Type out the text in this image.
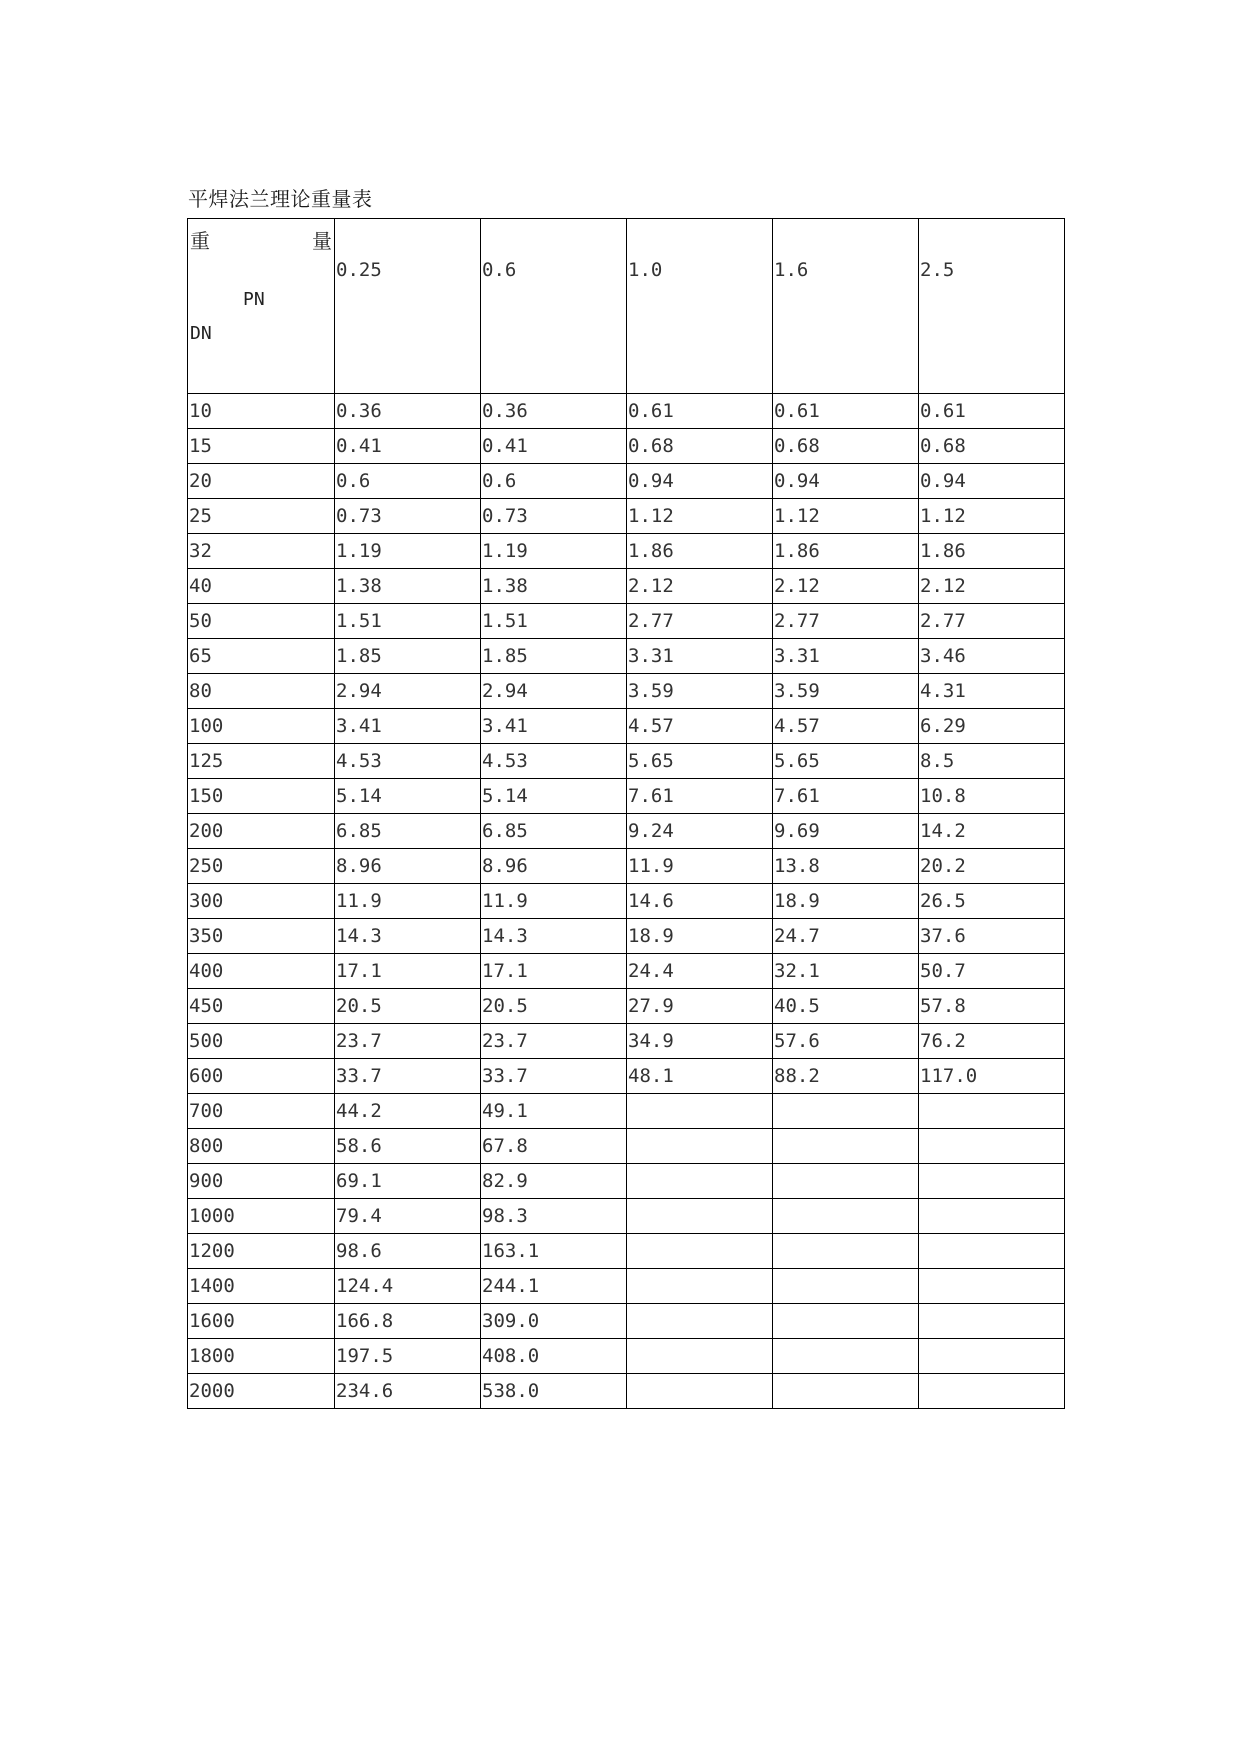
平焊法兰理论重量表
重 量
PN
DN	0.25	0.6	1.0	1.6	2.5
10	0.36	0.36	0.61	0.61	0.61
15	0.41	0.41	0.68	0.68	0.68
20	0.6	0.6	0.94	0.94	0.94
25	0.73	0.73	1.12	1.12	1.12
32	1.19	1.19	1.86	1.86	1.86
40	1.38	1.38	2.12	2.12	2.12
50	1.51	1.51	2.77	2.77	2.77
65	1.85	1.85	3.31	3.31	3.46
80	2.94	2.94	3.59	3.59	4.31
100	3.41	3.41	4.57	4.57	6.29
125	4.53	4.53	5.65	5.65	8.5
150	5.14	5.14	7.61	7.61	10.8
200	6.85	6.85	9.24	9.69	14.2
250	8.96	8.96	11.9	13.8	20.2
300	11.9	11.9	14.6	18.9	26.5
350	14.3	14.3	18.9	24.7	37.6
400	17.1	17.1	24.4	32.1	50.7
450	20.5	20.5	27.9	40.5	57.8
500	23.7	23.7	34.9	57.6	76.2
600	33.7	33.7	48.1	88.2	117.0
700	44.2	49.1			
800	58.6	67.8			
900	69.1	82.9			
1000	79.4	98.3			
1200	98.6	163.1			
1400	124.4	244.1			
1600	166.8	309.0			
1800	197.5	408.0			
2000	234.6	538.0			
